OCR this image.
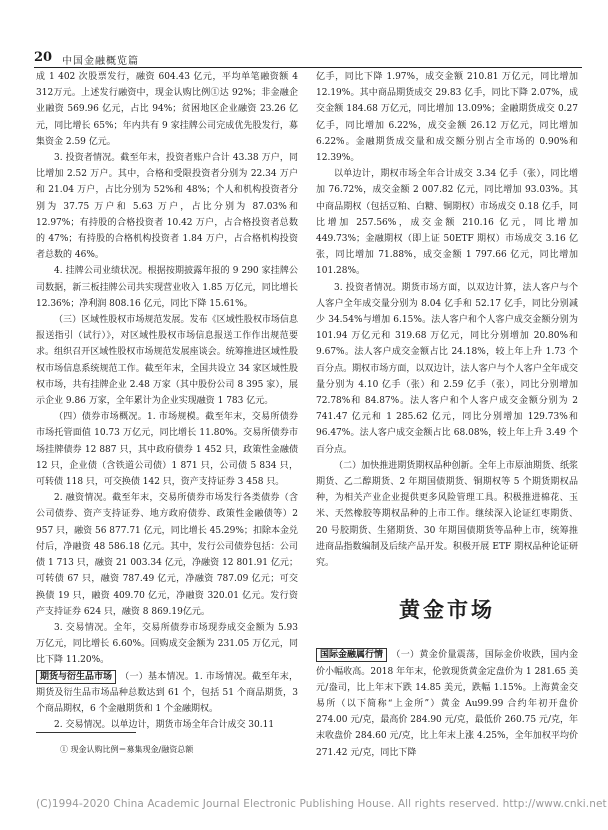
20 中国金融概览篇

成 1 402 次股票发行，融资 604.43 亿元，平均单笔融资额 4 312万元。上述发行融资中，现金认购比例①达 92%；非金融企业融资 569.96 亿元，占比 94%；贫困地区企业融资 23.26 亿元，同比增长 65%；年内共有 9 家挂牌公司完成优先股发行，募集资金 2.59 亿元。

3. 投资者情况。截至年末，投资者账户合计 43.38 万户，同比增加 2.52 万户。其中，合格和受限投资者分别为 22.34 万户和 21.04 万户，占比分别为 52%和 48%；个人和机构投资者分别为 37.75 万户和 5.63 万户，占比分别为 87.03%和 12.97%；有持股的合格投资者 10.42 万户，占合格投资者总数的 47%；有持股的合格机构投资者 1.84 万户，占合格机构投资者总数的 46%。

4. 挂牌公司业绩状况。根据按期披露年报的 9 290 家挂牌公司数据，新三板挂牌公司共实现营业收入 1.85 万亿元，同比增长 12.36%；净利润 808.16 亿元，同比下降 15.61%。

（三）区域性股权市场规范发展。发布《区域性股权市场信息报送指引（试行）》，对区域性股权市场信息报送工作作出规范要求。组织召开区域性股权市场规范发展座谈会。统筹推进区域性股权市场信息系统规范工作。截至年末，全国共设立 34 家区域性股权市场，共有挂牌企业 2.48 万家（其中股份公司 8 395 家），展示企业 9.86 万家，全年累计为企业实现融资 1 783 亿元。

（四）债券市场概况。1. 市场规模。截至年末，交易所债券市场托管面值 10.73 万亿元，同比增长 11.80%。交易所债券市场挂牌债券 12 887 只，其中政府债券 1 452 只，政策性金融债 12 只，企业债（含铁道公司债）1 871 只，公司债 5 834 只，可转债 118 只，可交换债 142 只，资产支持证券 3 458 只。

2. 融资情况。截至年末，交易所债券市场发行各类债券（含公司债券、资产支持证券、地方政府债券、政策性金融债等）2 957 只，融资 56 877.71 亿元，同比增长 45.29%；扣除本金兑付后，净融资 48 586.18 亿元。其中，发行公司债券包括：公司债 1 713 只，融资 21 003.34 亿元，净融资 12 801.91 亿元；可转债 67 只，融资 787.49 亿元，净融资 787.09 亿元；可交换债 19 只，融资 409.70 亿元，净融资 320.01 亿元。发行资产支持证券 624 只，融资 8 869.19亿元。

3. 交易情况。全年，交易所债券市场现券成交金额为 5.93 万亿元，同比增长 6.60%。回购成交金额为 231.05 万亿元，同比下降 11.20%。

期货与衍生品市场 （一）基本情况。1. 市场情况。截至年末，期货及衍生品市场品种总数达到 61 个，包括 51 个商品期货，3 个商品期权，6 个金融期货和 1 个金融期权。

2. 交易情况。以单边计，期货市场全年合计成交 30.11

亿手，同比下降 1.97%，成交金额 210.81 万亿元，同比增加 12.19%。其中商品期货成交 29.83 亿手，同比下降 2.07%，成交金额 184.68 万亿元，同比增加 13.09%；金融期货成交 0.27 亿手，同比增加 6.22%，成交金额 26.12 万亿元，同比增加 6.22%。金融期货成交量和成交额分别占全市场的 0.90%和 12.39%。

以单边计，期权市场全年合计成交 3.34 亿手（张），同比增加 76.72%，成交金额 2 007.82 亿元，同比增加 93.03%。其中商品期权（包括豆粕、白糖、铜期权）市场成交 0.18 亿手，同比增加 257.56%，成交金额 210.16 亿元，同比增加 449.73%；金融期权（即上证 50ETF 期权）市场成交 3.16 亿张，同比增加 71.88%，成交金额 1 797.66 亿元，同比增加 101.28%。

3. 投资者情况。期货市场方面，以双边计算，法人客户与个人客户全年成交量分别为 8.04 亿手和 52.17 亿手，同比分别减少 34.54%与增加 6.15%。法人客户和个人客户成交金额分别为 101.94 万亿元和 319.68 万亿元，同比分别增加 20.80%和 9.67%。法人客户成交金额占比 24.18%，较上年上升 1.73 个百分点。期权市场方面，以双边计，法人客户与个人客户全年成交量分别为 4.10 亿手（张）和 2.59 亿手（张），同比分别增加 72.78%和 84.87%。法人客户和个人客户成交金额分别为 2 741.47 亿元和 1 285.62 亿元，同比分别增加 129.73%和 96.47%。法人客户成交金额占比 68.08%，较上年上升 3.49 个百分点。

（二）加快推进期货期权品种创新。全年上市原油期货、纸浆期货、乙二醇期货、2 年期国债期货、铜期权等 5 个期货期权品种，为相关产业企业提供更多风险管理工具。积极推进棉花、玉米、天然橡胶等期权品种的上市工作。继续深入论证红枣期货、20 号胶期货、生猪期货、30 年期国债期货等品种上市，统筹推进商品指数编制及后续产品开发。积极开展 ETF 期权品种论证研究。

黄金市场

国际金融属行情 （一）黄金价量震荡，国际金价收跌，国内金价小幅收高。2018 年年末，伦敦现货黄金定盘价为 1 281.65 美元/盎司，比上年末下跌 14.85 美元，跌幅 1.15%。上海黄金交易所（以下简称“上金所”）黄金 Au99.99 合约年初开盘价 274.00 元/克，最高价 284.90 元/克，最低价 260.75 元/克，年末收盘价 284.60 元/克，比上年末上涨 4.25%，全年加权平均价 271.42 元/克，同比下降

① 现金认购比例＝募集现金/融资总额
(C)1994-2020 China Academic Journal Electronic Publishing House. All rights reserved. http://www.cnki.net
